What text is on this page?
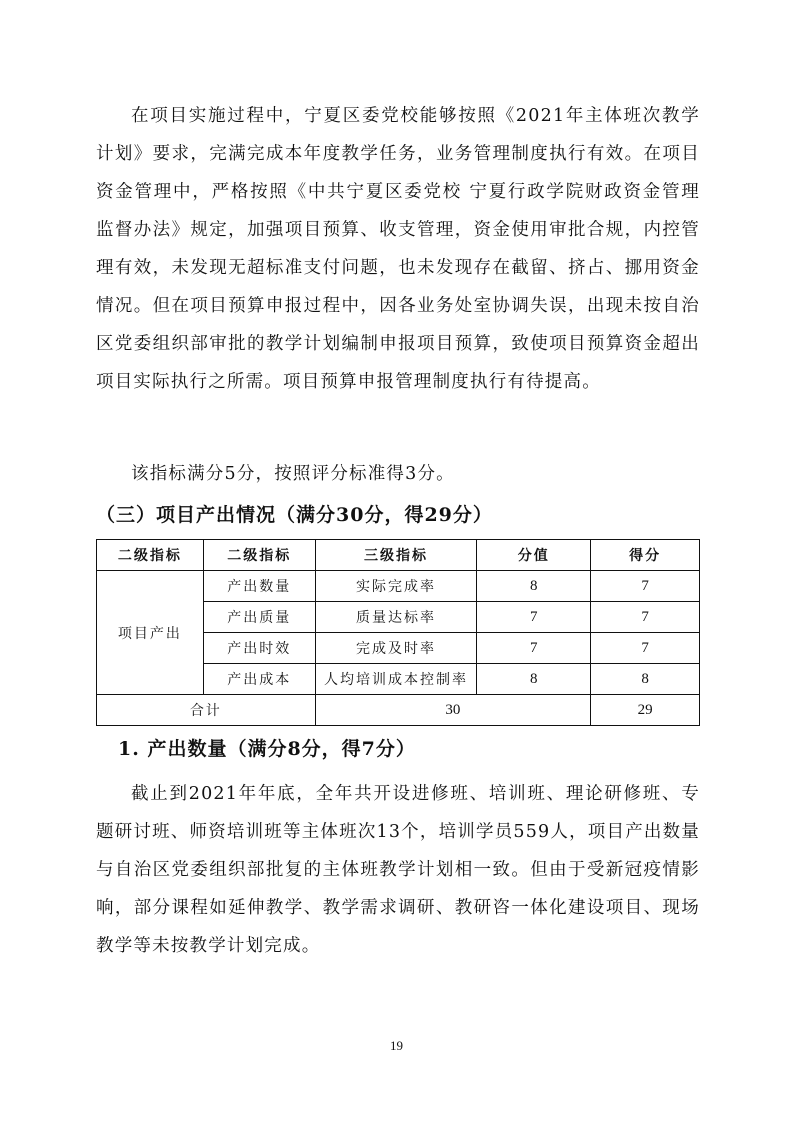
在项目实施过程中，宁夏区委党校能够按照《2021年主体班次教学计划》要求，完满完成本年度教学任务，业务管理制度执行有效。在项目资金管理中，严格按照《中共宁夏区委党校 宁夏行政学院财政资金管理监督办法》规定，加强项目预算、收支管理，资金使用审批合规，内控管理有效，未发现无超标准支付问题，也未发现存在截留、挤占、挪用资金情况。但在项目预算申报过程中，因各业务处室协调失误，出现未按自治区党委组织部审批的教学计划编制申报项目预算，致使项目预算资金超出项目实际执行之所需。项目预算申报管理制度执行有待提高。

该指标满分5分，按照评分标准得3分。

（三）项目产出情况（满分30分，得29分）
二级指标	二级指标	三级指标	分值	得分
项目产出	产出数量	实际完成率	8	7
	产出质量	质量达标率	7	7
	产出时效	完成及时率	7	7
	产出成本	人均培训成本控制率	8	8
合计		30		29
1. 产出数量（满分8分，得7分）

截止到2021年年底，全年共开设进修班、培训班、理论研修班、专题研讨班、师资培训班等主体班次13个，培训学员559人，项目产出数量与自治区党委组织部批复的主体班教学计划相一致。但由于受新冠疫情影响，部分课程如延伸教学、教学需求调研、教研咨一体化建设项目、现场教学等未按教学计划完成。

19
